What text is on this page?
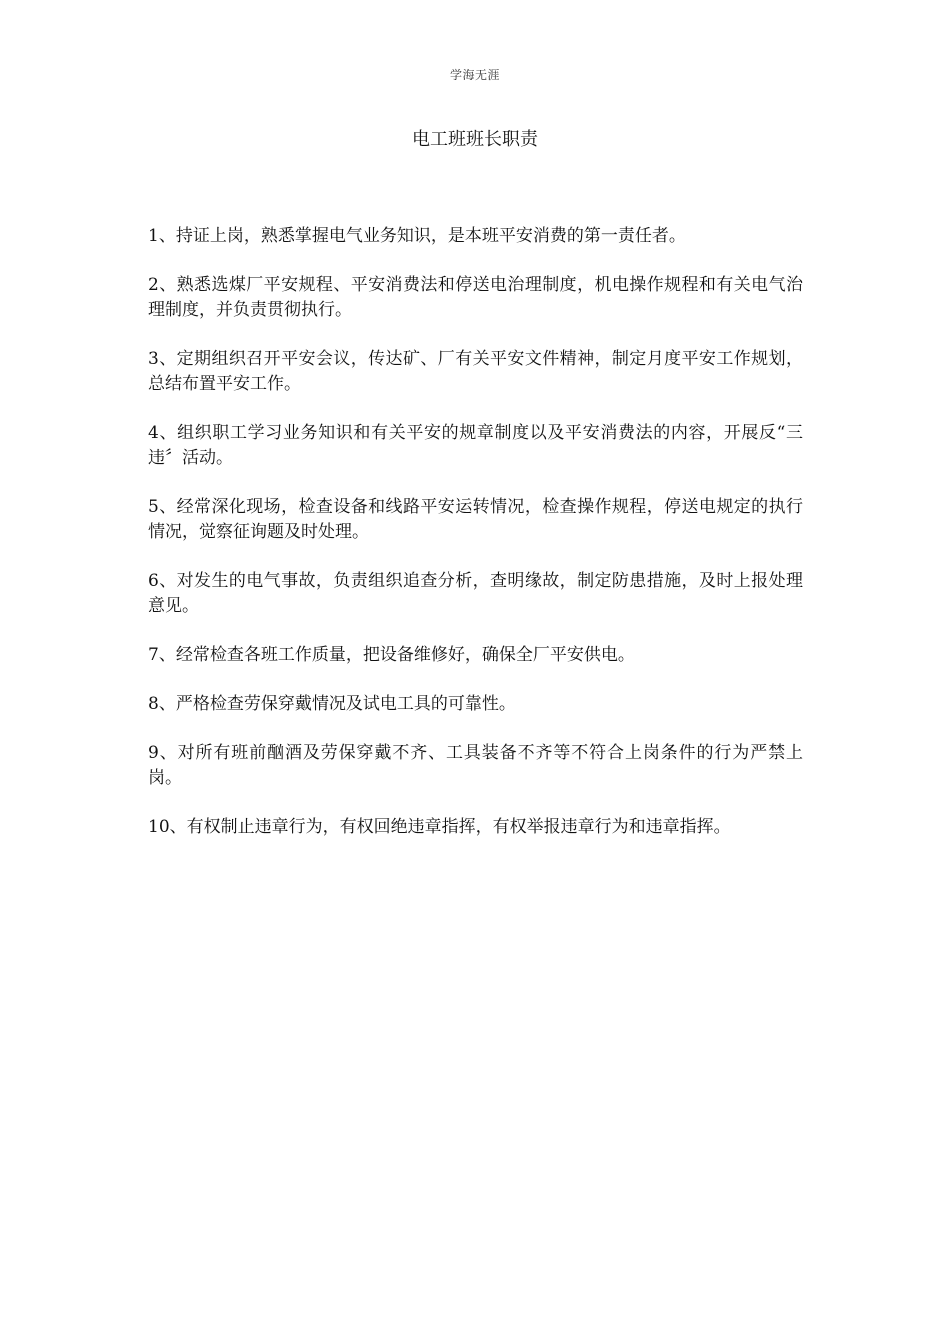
学海无涯
电工班班长职责
1、持证上岗，熟悉掌握电气业务知识，是本班平安消费的第一责任者。
2、熟悉选煤厂平安规程、平安消费法和停送电治理制度，机电操作规程和有关电气治理制度，并负责贯彻执行。
3、定期组织召开平安会议，传达矿、厂有关平安文件精神，制定月度平安工作规划，总结布置平安工作。
4、组织职工学习业务知识和有关平安的规章制度以及平安消费法的内容，开展反“三违〞活动。
5、经常深化现场，检查设备和线路平安运转情况，检查操作规程，停送电规定的执行情况，觉察征询题及时处理。
6、对发生的电气事故，负责组织追查分析，查明缘故，制定防患措施，及时上报处理意见。
7、经常检查各班工作质量，把设备维修好，确保全厂平安供电。
8、严格检查劳保穿戴情况及试电工具的可靠性。
9、对所有班前酗酒及劳保穿戴不齐、工具装备不齐等不符合上岗条件的行为严禁上岗。
10、有权制止违章行为，有权回绝违章指挥，有权举报违章行为和违章指挥。
